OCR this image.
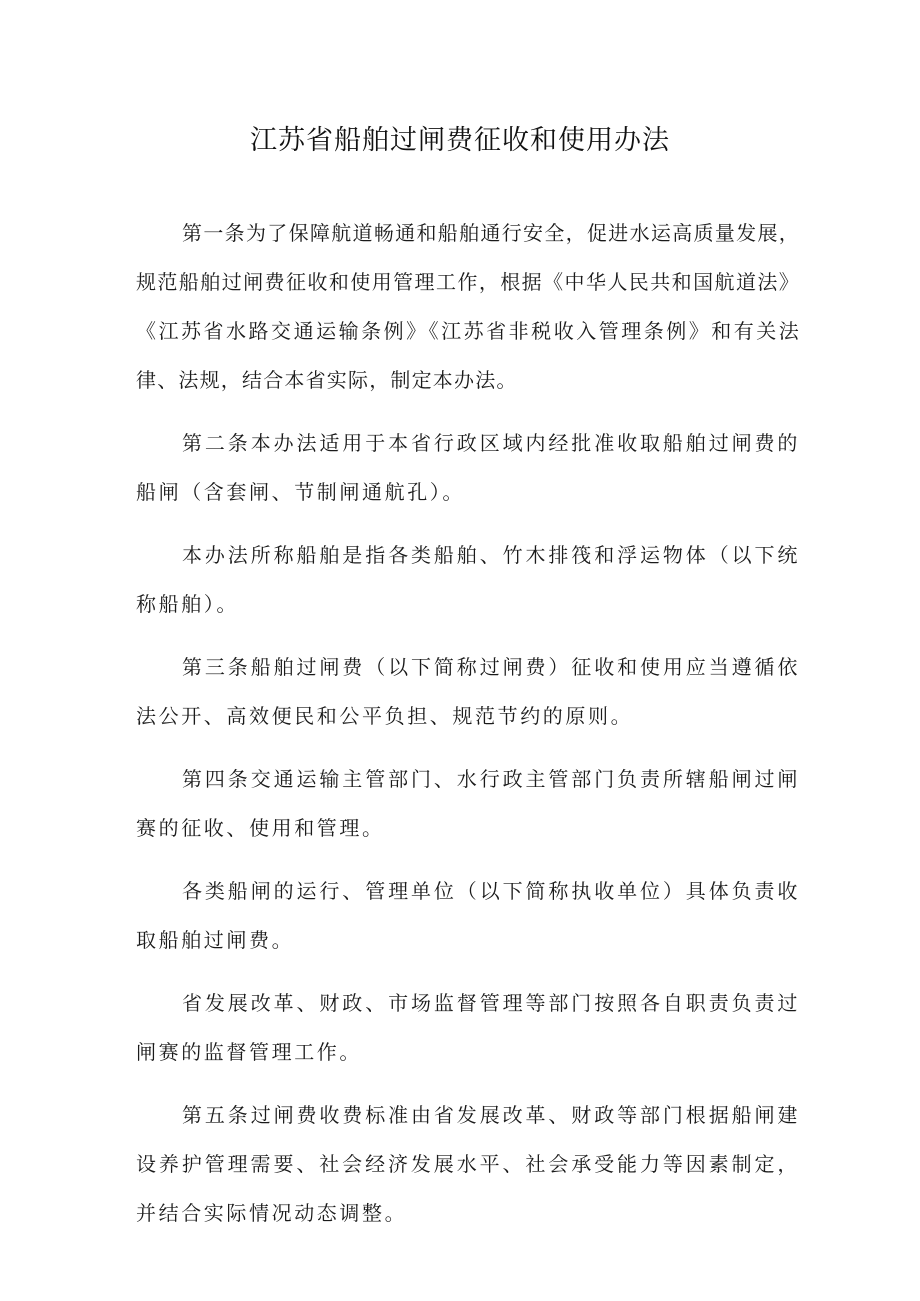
江苏省船舶过闸费征收和使用办法

第一条为了保障航道畅通和船舶通行安全，促进水运高质量发展，规范船舶过闸费征收和使用管理工作，根据《中华人民共和国航道法》《江苏省水路交通运输条例》《江苏省非税收入管理条例》和有关法律、法规，结合本省实际，制定本办法。

第二条本办法适用于本省行政区域内经批准收取船舶过闸费的船闸（含套闸、节制闸通航孔）。

本办法所称船舶是指各类船舶、竹木排筏和浮运物体（以下统称船舶）。

第三条船舶过闸费（以下简称过闸费）征收和使用应当遵循依法公开、高效便民和公平负担、规范节约的原则。

第四条交通运输主管部门、水行政主管部门负责所辖船闸过闸赛的征收、使用和管理。

各类船闸的运行、管理单位（以下简称执收单位）具体负责收取船舶过闸费。

省发展改革、财政、市场监督管理等部门按照各自职责负责过闸赛的监督管理工作。

第五条过闸费收费标准由省发展改革、财政等部门根据船闸建设养护管理需要、社会经济发展水平、社会承受能力等因素制定，并结合实际情况动态调整。
